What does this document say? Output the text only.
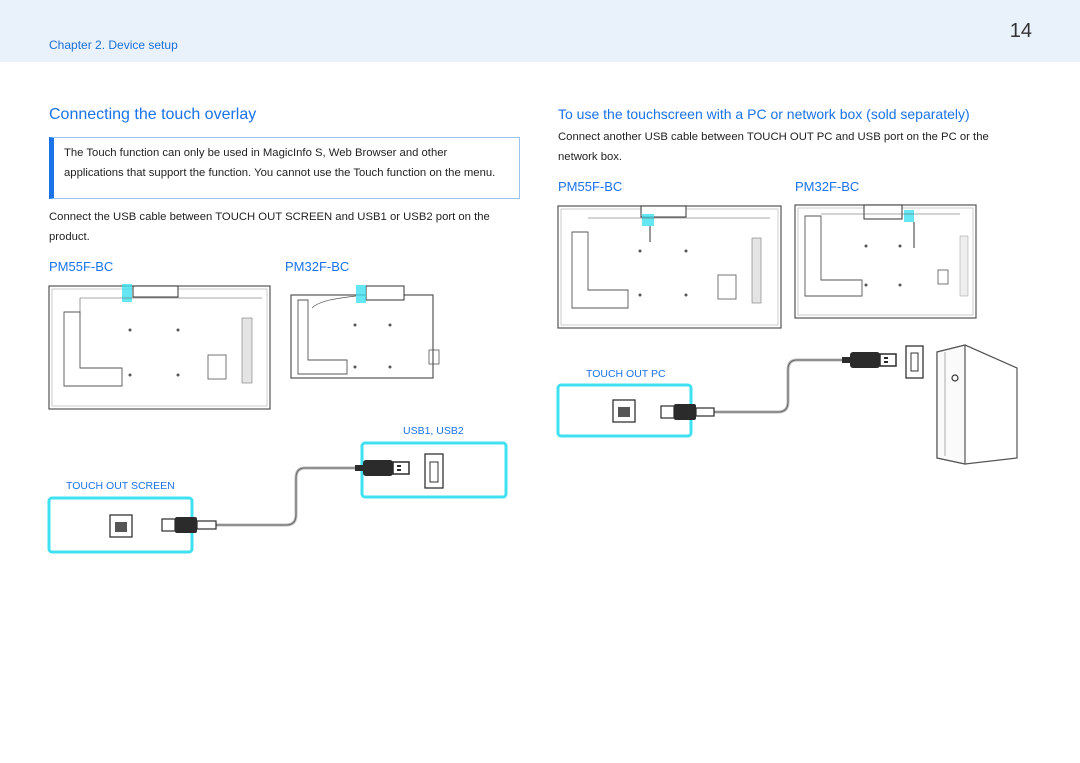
Chapter 2. Device setup
14
Connecting the touch overlay
The Touch function can only be used in MagicInfo S, Web Browser and other applications that support the function. You cannot use the Touch function on the menu.
Connect the USB cable between TOUCH OUT SCREEN and USB1 or USB2 port on the product.
PM55F-BC	PM32F-BC
USB1, USB2
TOUCH OUT SCREEN
To use the touchscreen with a PC or network box (sold separately)
Connect another USB cable between TOUCH OUT PC and USB port on the PC or the network box.
PM55F-BC	PM32F-BC
TOUCH OUT PC
